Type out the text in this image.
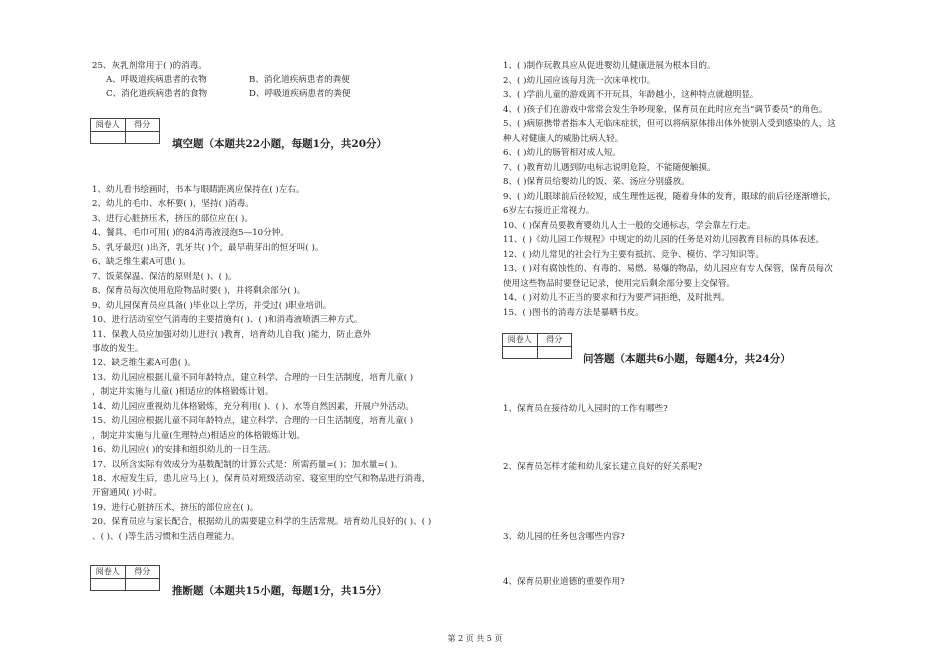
25、灰乳剂常用于( )的消毒。
A、呼吸道疾病患者的衣物	B、消化道疾病患者的粪便
C、消化道疾病患者的食物	D、呼吸道疾病患者的粪便
阅卷人	得分
填空题（本题共22小题，每题1分，共20分）
1、幼儿看书绘画时，书本与眼睛距离应保持在( )左右。
2、幼儿的毛巾、水杯要( )，坚持( )消毒。
3、进行心脏挤压术，挤压的部位应在( )。
4、餐具、毛巾可用( )的84消毒液浸泡5—10分钟。
5、乳牙最迟( )出齐，乳牙共( )个，最早萌芽出的恒牙叫( )。
6、缺乏维生素A可患( )。
7、饭菜保温、保洁的原则是( )、( )。
8、保育员每次使用危险物品时要( )，并将剩余部分( )。
9、幼儿园保育员应具备( )毕业以上学历，并受过( )职业培训。
10、进行活动室空气消毒的主要措施有( )、( )和消毒液喷洒三种方式。
11、保教人员应加强对幼儿进行( )教育，培育幼儿自我( )能力，防止意外
事故的发生。
12、缺乏维生素A可患( )。
13、幼儿园应根据儿童不同年龄特点，建立科学、合理的一日生活制度，培育儿童( )
，制定并实施与儿童( )相适应的体格锻炼计划。
14、幼儿园应重视幼儿体格锻炼，充分利用( )、( )、水等自然因素，开展户外活动。
15、幼儿园应根据儿童不同年龄特点，建立科学、合理的一日生活制度，培育儿童( )
，制定并实施与儿童(生理特点)相适应的体格锻炼计划。
16、幼儿园应( )的安排和组织幼儿的一日生活。
17、以所含实际有效成分为基数配制的计算公式是：所需药量=( )；加水量=( )。
18、水痘发生后，患儿应马上( )，保育员对班级活动室、寝室里的空气和物品进行消毒，
开窗通风( )小时。
19、进行心脏挤压术，挤压的部位应在( )。
20、保育员应与家长配合，根据幼儿的需要建立科学的生活常规。培育幼儿良好的( )、( )
、( )、( )等生活习惯和生活自理能力。
阅卷人	得分
推断题（本题共15小题，每题1分，共15分）
1、( )制作玩教具应从促进婴幼儿健康进展为根本目的。
2、( )幼儿园应该每月洗一次床单枕巾。
3、( )学前儿童的游戏离不开玩具，年龄越小，这种特点就越明显。
4、( )孩子们在游戏中常常会发生争吵现象，保育员在此时应充当“调节委员”的角色。
5、( )病原携带者指本人无临床症状，但可以将病原体排出体外使别人受到感染的人，这
种人对健康人的威胁比病人轻。
6、( )幼儿的肠管相对成人短。
7、( )教育幼儿遇到防电标志说明危险，不能随便触摸。
8、( )保育员给婴幼儿的饭、菜、汤应分别盛放。
9、( )幼儿眼球前后径较短，成生理性远视，随着身体的发育，眼球的前后径逐渐增长，
6岁左右接近正常视力。
10、( )保育员要教育婴幼儿人士一般的交通标志，学会靠左行走。
11、( )《幼儿园工作规程》中规定的幼儿园的任务是对幼儿园教育目标的具体表述。
12、( )幼儿常见的社会行为主要有抵抗、竞争、模仿、学习知识等。
13、( )对有腐蚀性的、有毒的、易燃、易爆的物品，幼儿园应有专人保管，保育员每次
使用这些物品时要登记记录，使用完后剩余部分要上交保管。
14、( )对幼儿不正当的要求和行为要严词拒绝，及时批判。
15、( )图书的消毒方法是暴晒书皮。
阅卷人	得分
问答题（本题共6小题，每题4分，共24分）
1、保育员在接待幼儿入园时的工作有哪些?
2、保育员怎样才能和幼儿家长建立良好的好关系呢?
3、幼儿园的任务包含哪些内容?
4、保育员职业道德的重要作用?
第 2 页 共 5 页
